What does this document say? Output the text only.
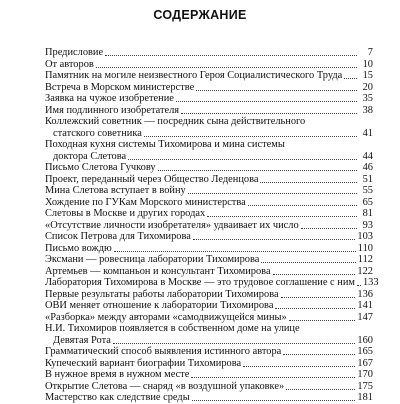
СОДЕРЖАНИЕ
Предисловие	7
От авторов	10
Памятник на могиле неизвестного Героя Социалистического Труда	15
Встреча в Морском министерстве	20
Заявка на чужое изобретение	35
Имя подлинного изобретателя	38
Коллежский советник — посредник сына действительного
статского советника	41
Походная кухня системы Тихомирова и мина системы
доктора Слетова	44
Письмо Слетова Гучкову	46
Проект, переданный через Общество Леденцова	51
Мина Слетова вступает в войну	55
Хождение по ГУКам Морского министерства	65
Слетовы в Москве и других городах	81
«Отсутствие личности изобретателя» удваивает их число	93
Список Петрова для Тихомирова	103
Письмо вождю	110
Эксмани — ровесница лаборатории Тихомирова	112
Артемьев — компаньон и консультант Тихомирова	122
Лаборатория Тихомирова в Москве — это трудовое соглашение с ним 133
Первые результаты работы лаборатории Тихомирова	136
ОВИ меняет отношение к лаборатории Тихомирова	141
«Разборка» между авторами «самодвижущейся мины»	147
Н.И. Тихомиров появляется в собственном доме на улице
Девятая Рота	160
Грамматический способ выявления истинного автора	165
Купеческий вариант биографии Тихомирова	167
В нужное время в нужном месте	170
Открытие Слетова — снаряд «в воздушной упаковке»	175
Мастерство как следствие среды	181
